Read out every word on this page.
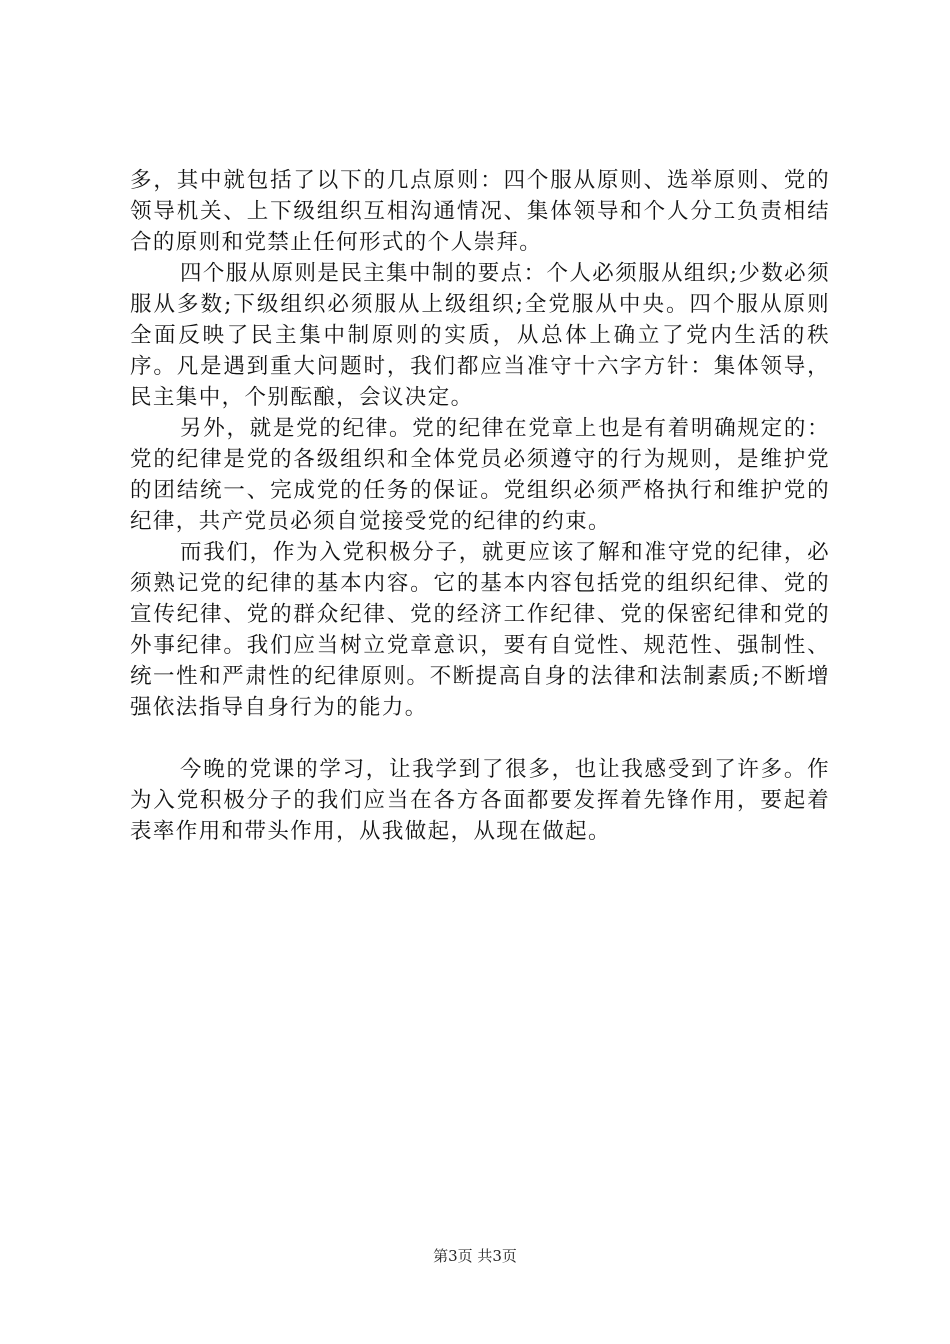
多，其中就包括了以下的几点原则：四个服从原则、选举原则、党的领导机关、上下级组织互相沟通情况、集体领导和个人分工负责相结合的原则和党禁止任何形式的个人崇拜。

四个服从原则是民主集中制的要点：个人必须服从组织;少数必须服从多数;下级组织必须服从上级组织;全党服从中央。四个服从原则全面反映了民主集中制原则的实质，从总体上确立了党内生活的秩序。凡是遇到重大问题时，我们都应当准守十六字方针：集体领导，民主集中，个别酝酿，会议决定。

另外，就是党的纪律。党的纪律在党章上也是有着明确规定的：党的纪律是党的各级组织和全体党员必须遵守的行为规则，是维护党的团结统一、完成党的任务的保证。党组织必须严格执行和维护党的纪律，共产党员必须自觉接受党的纪律的约束。

而我们，作为入党积极分子，就更应该了解和准守党的纪律，必须熟记党的纪律的基本内容。它的基本内容包括党的组织纪律、党的宣传纪律、党的群众纪律、党的经济工作纪律、党的保密纪律和党的外事纪律。我们应当树立党章意识，要有自觉性、规范性、强制性、统一性和严肃性的纪律原则。不断提高自身的法律和法制素质;不断增强依法指导自身行为的能力。

今晚的党课的学习，让我学到了很多，也让我感受到了许多。作为入党积极分子的我们应当在各方各面都要发挥着先锋作用，要起着表率作用和带头作用，从我做起，从现在做起。

第3页 共3页
